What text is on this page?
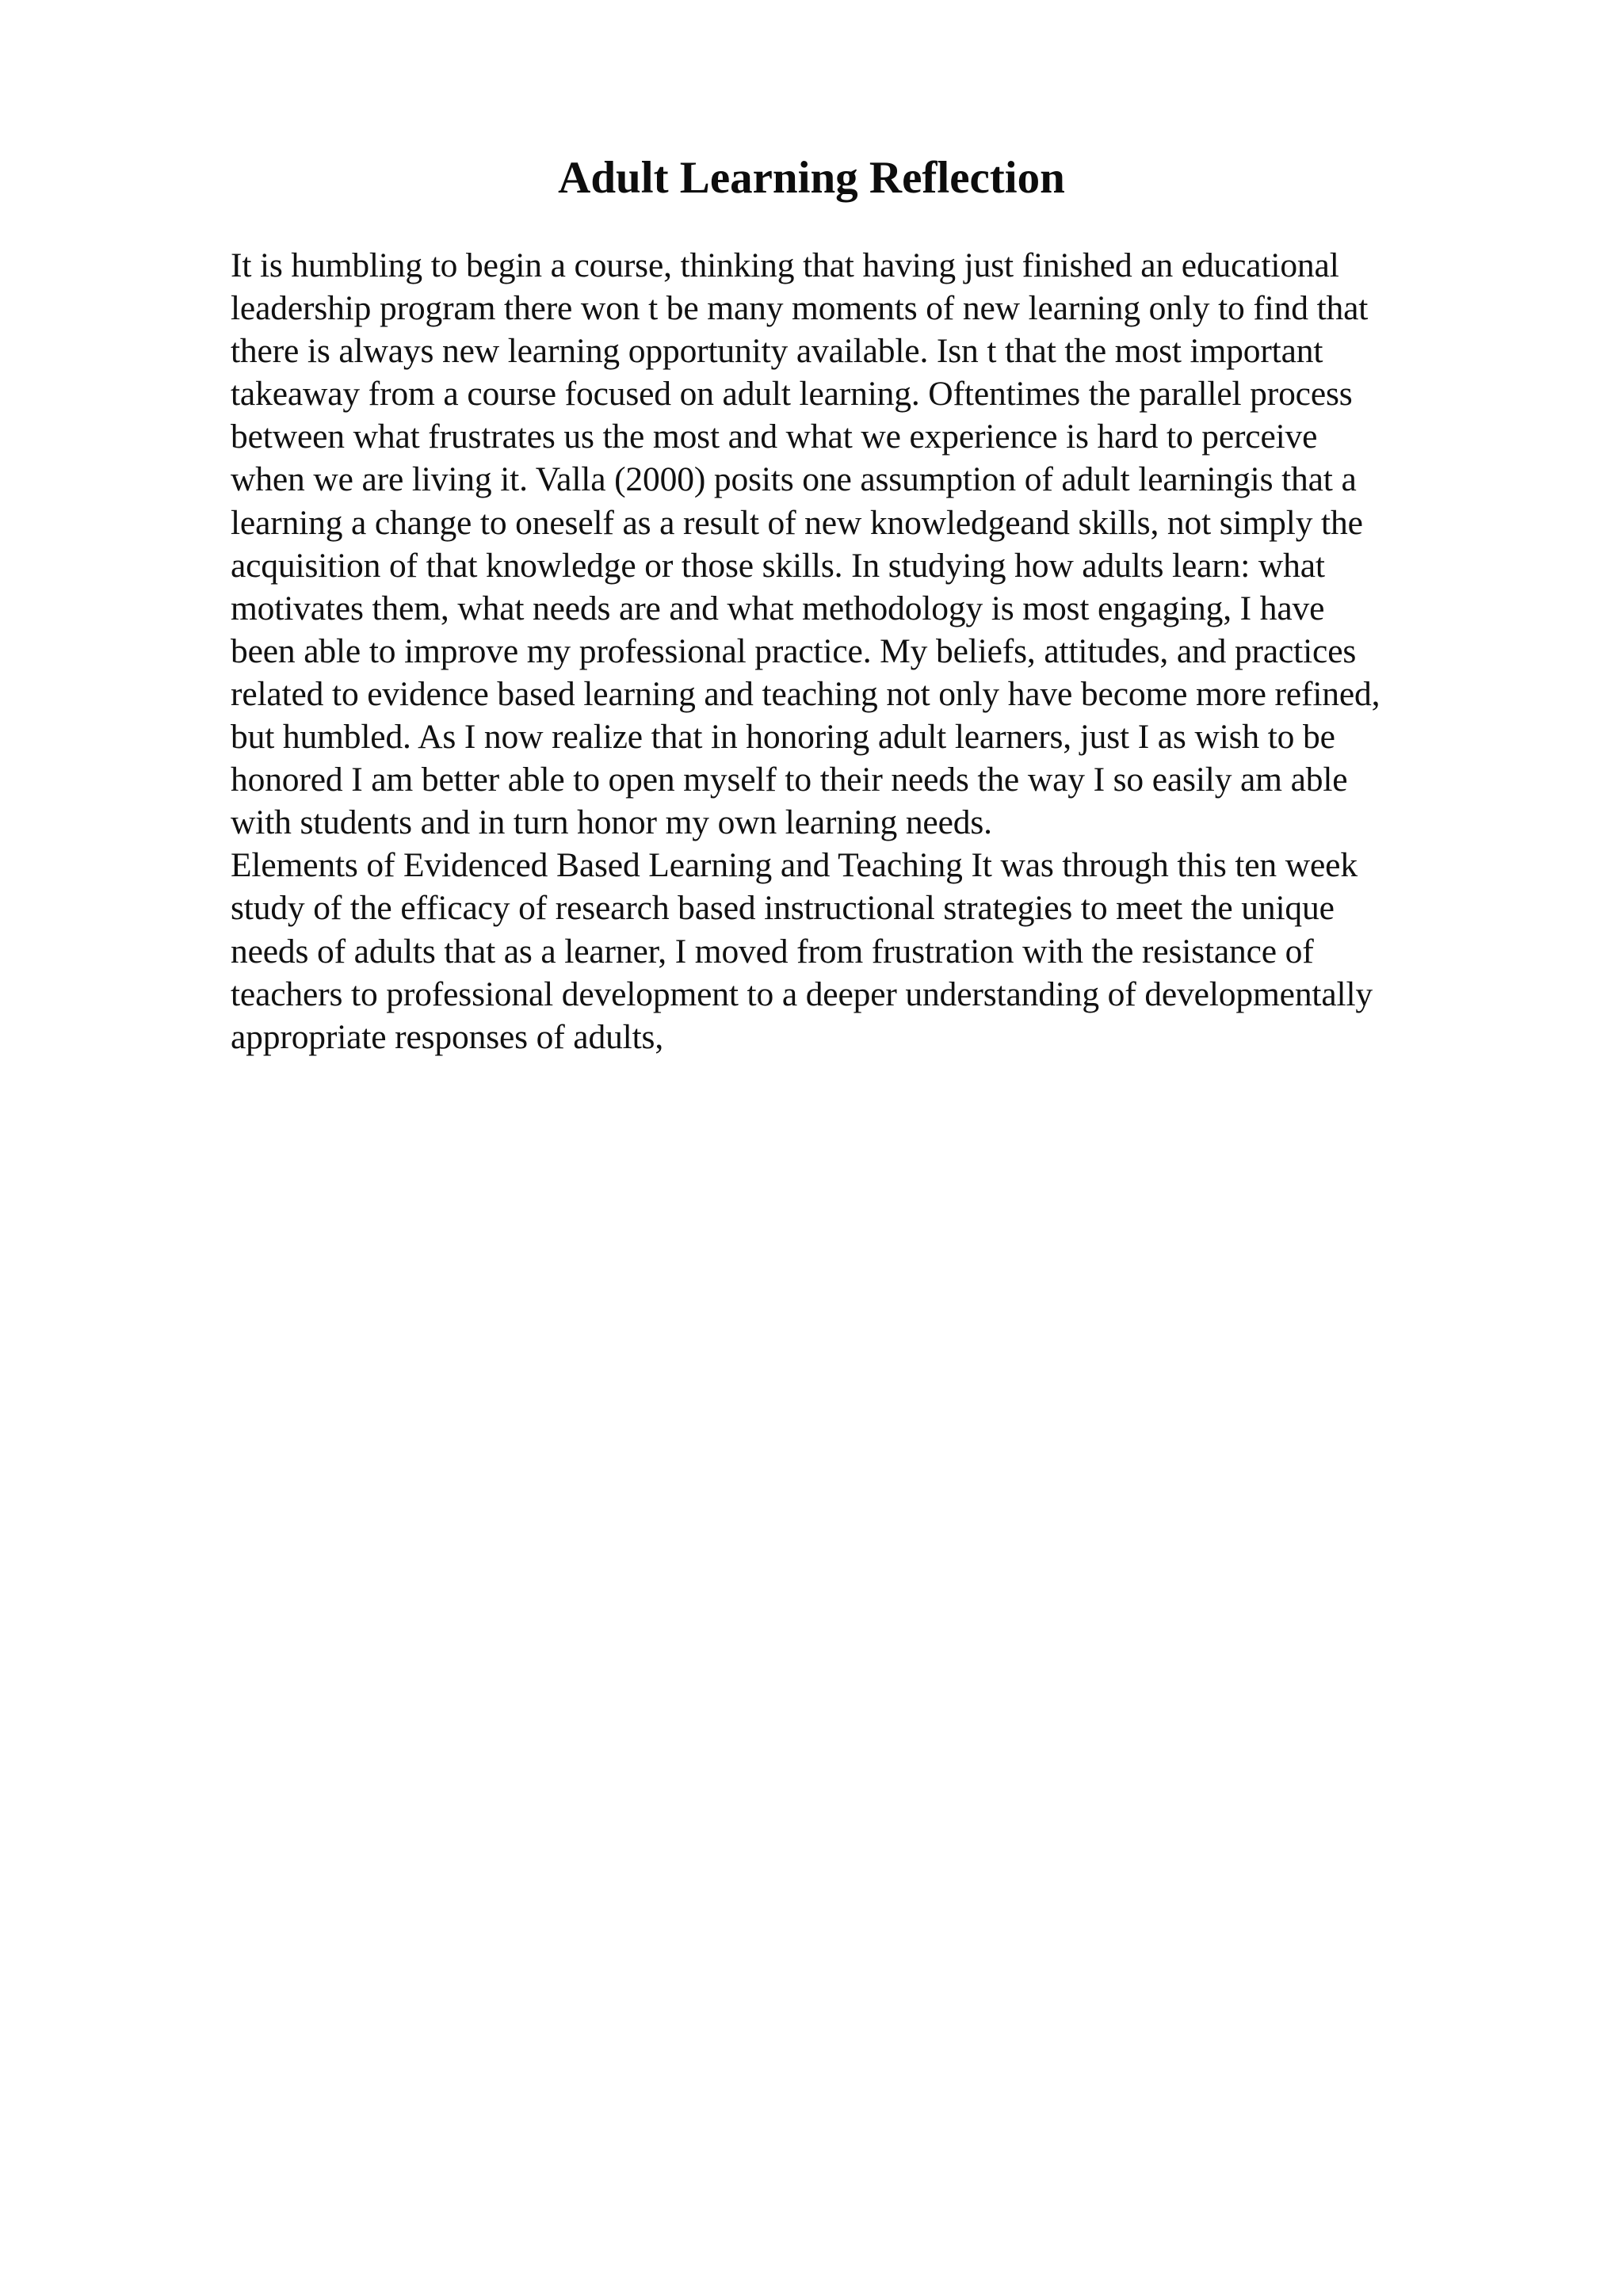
Adult Learning Reflection
It is humbling to begin a course, thinking that having just finished an educational
leadership program there won t be many moments of new learning only to find that
there is always new learning opportunity available. Isn t that the most important
takeaway from a course focused on adult learning. Oftentimes the parallel process
between what frustrates us the most and what we experience is hard to perceive
when we are living it. Valla (2000) posits one assumption of adult learningis that a
learning a change to oneself as a result of new knowledgeand skills, not simply the
acquisition of that knowledge or those skills. In studying how adults learn: what
motivates them, what needs are and what methodology is most engaging, I have
been able to improve my professional practice. My beliefs, attitudes, and practices
related to evidence based learning and teaching not only have become more refined,
but humbled. As I now realize that in honoring adult learners, just I as wish to be
honored I am better able to open myself to their needs the way I so easily am able
with students and in turn honor my own learning needs.
Elements of Evidenced Based Learning and Teaching It was through this ten week
study of the efficacy of research based instructional strategies to meet the unique
needs of adults that as a learner, I moved from frustration with the resistance of
teachers to professional development to a deeper understanding of developmentally
appropriate responses of adults,
